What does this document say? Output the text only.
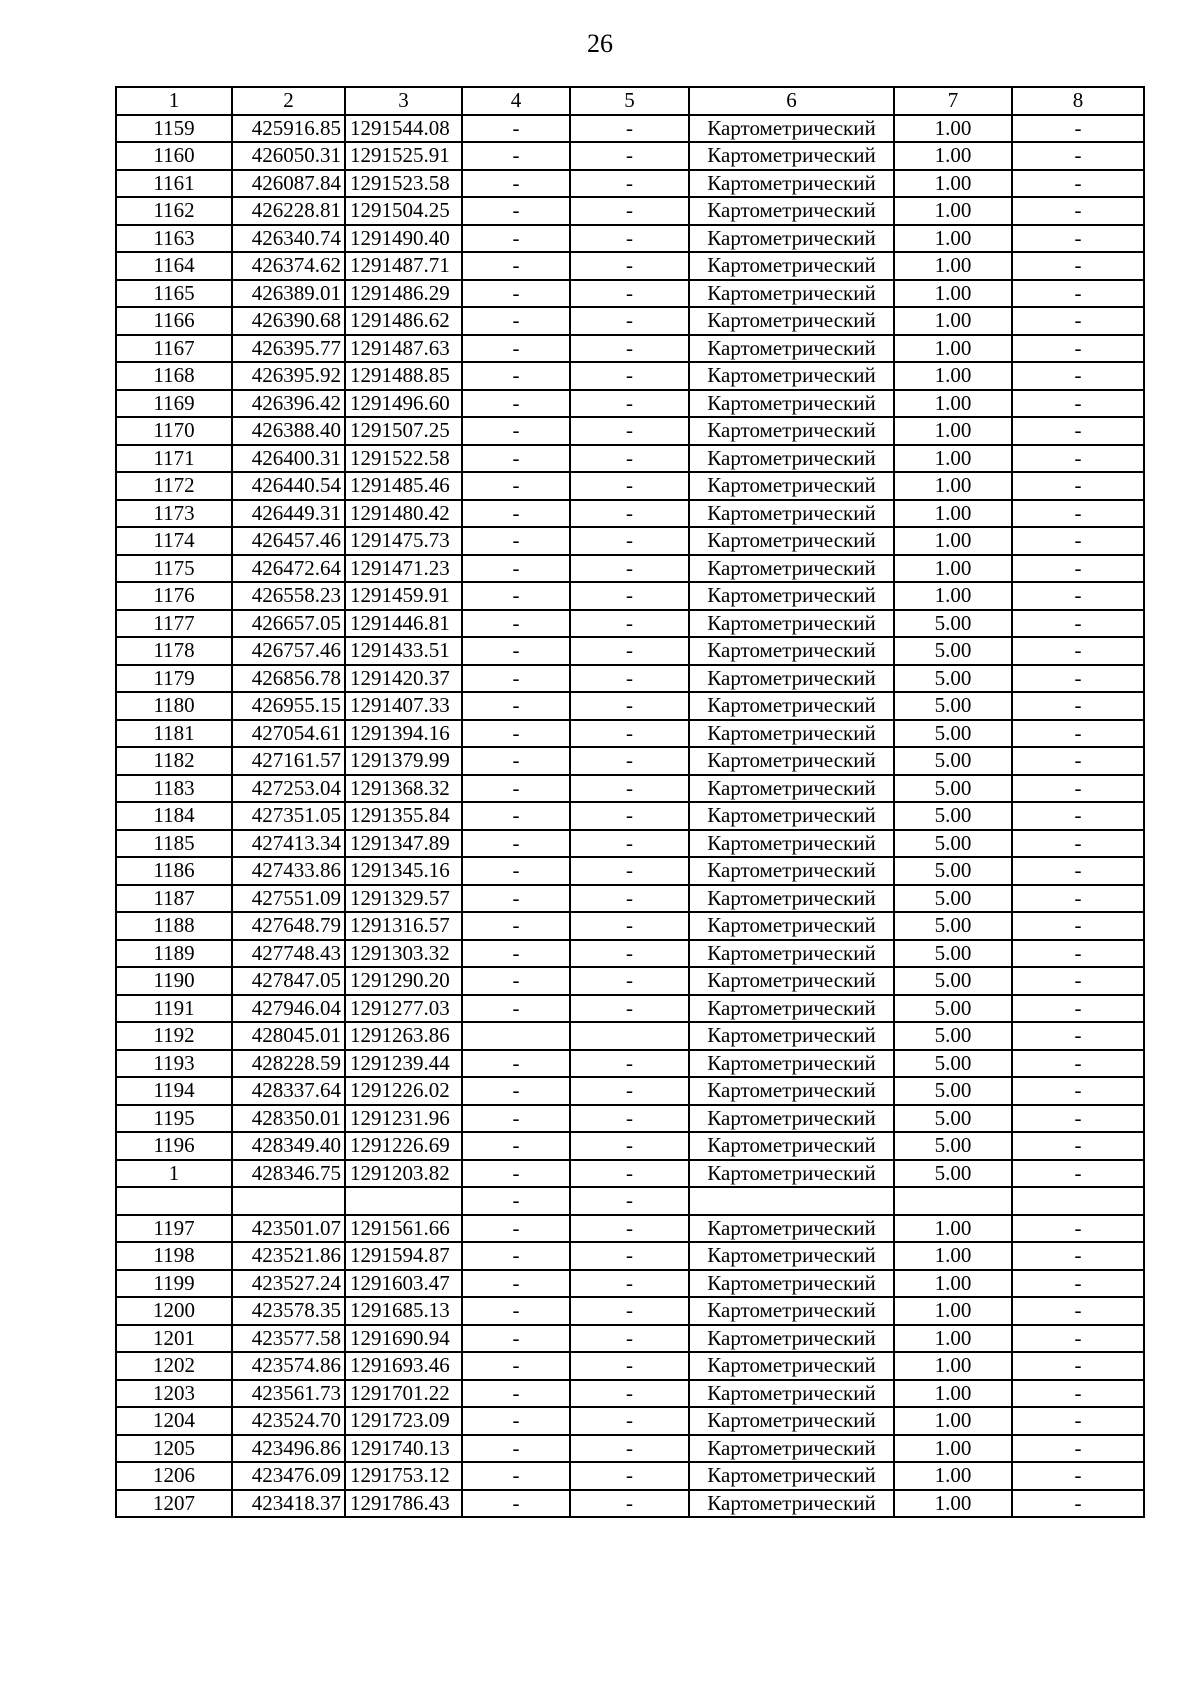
26
1	2	3	4	5	6	7	8
1159	425916.85	1291544.08	-	-	Картометрический	1.00	-
1160	426050.31	1291525.91	-	-	Картометрический	1.00	-
1161	426087.84	1291523.58	-	-	Картометрический	1.00	-
1162	426228.81	1291504.25	-	-	Картометрический	1.00	-
1163	426340.74	1291490.40	-	-	Картометрический	1.00	-
1164	426374.62	1291487.71	-	-	Картометрический	1.00	-
1165	426389.01	1291486.29	-	-	Картометрический	1.00	-
1166	426390.68	1291486.62	-	-	Картометрический	1.00	-
1167	426395.77	1291487.63	-	-	Картометрический	1.00	-
1168	426395.92	1291488.85	-	-	Картометрический	1.00	-
1169	426396.42	1291496.60	-	-	Картометрический	1.00	-
1170	426388.40	1291507.25	-	-	Картометрический	1.00	-
1171	426400.31	1291522.58	-	-	Картометрический	1.00	-
1172	426440.54	1291485.46	-	-	Картометрический	1.00	-
1173	426449.31	1291480.42	-	-	Картометрический	1.00	-
1174	426457.46	1291475.73	-	-	Картометрический	1.00	-
1175	426472.64	1291471.23	-	-	Картометрический	1.00	-
1176	426558.23	1291459.91	-	-	Картометрический	1.00	-
1177	426657.05	1291446.81	-	-	Картометрический	5.00	-
1178	426757.46	1291433.51	-	-	Картометрический	5.00	-
1179	426856.78	1291420.37	-	-	Картометрический	5.00	-
1180	426955.15	1291407.33	-	-	Картометрический	5.00	-
1181	427054.61	1291394.16	-	-	Картометрический	5.00	-
1182	427161.57	1291379.99	-	-	Картометрический	5.00	-
1183	427253.04	1291368.32	-	-	Картометрический	5.00	-
1184	427351.05	1291355.84	-	-	Картометрический	5.00	-
1185	427413.34	1291347.89	-	-	Картометрический	5.00	-
1186	427433.86	1291345.16	-	-	Картометрический	5.00	-
1187	427551.09	1291329.57	-	-	Картометрический	5.00	-
1188	427648.79	1291316.57	-	-	Картометрический	5.00	-
1189	427748.43	1291303.32	-	-	Картометрический	5.00	-
1190	427847.05	1291290.20	-	-	Картометрический	5.00	-
1191	427946.04	1291277.03	-	-	Картометрический	5.00	-
1192	428045.01	1291263.86			Картометрический	5.00	-
1193	428228.59	1291239.44	-	-	Картометрический	5.00	-
1194	428337.64	1291226.02	-	-	Картометрический	5.00	-
1195	428350.01	1291231.96	-	-	Картометрический	5.00	-
1196	428349.40	1291226.69	-	-	Картометрический	5.00	-
1	428346.75	1291203.82	-	-	Картометрический	5.00	-
			-	-			
1197	423501.07	1291561.66	-	-	Картометрический	1.00	-
1198	423521.86	1291594.87	-	-	Картометрический	1.00	-
1199	423527.24	1291603.47	-	-	Картометрический	1.00	-
1200	423578.35	1291685.13	-	-	Картометрический	1.00	-
1201	423577.58	1291690.94	-	-	Картометрический	1.00	-
1202	423574.86	1291693.46	-	-	Картометрический	1.00	-
1203	423561.73	1291701.22	-	-	Картометрический	1.00	-
1204	423524.70	1291723.09	-	-	Картометрический	1.00	-
1205	423496.86	1291740.13	-	-	Картометрический	1.00	-
1206	423476.09	1291753.12	-	-	Картометрический	1.00	-
1207	423418.37	1291786.43	-	-	Картометрический	1.00	-
